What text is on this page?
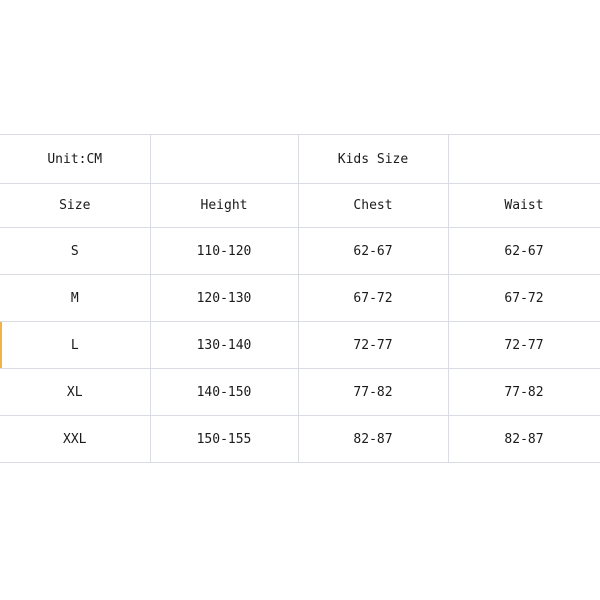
Unit:CM		Kids Size	
Size	Height	Chest	Waist
S	110-120	62-67	62-67
M	120-130	67-72	67-72
L	130-140	72-77	72-77
XL	140-150	77-82	77-82
XXL	150-155	82-87	82-87
